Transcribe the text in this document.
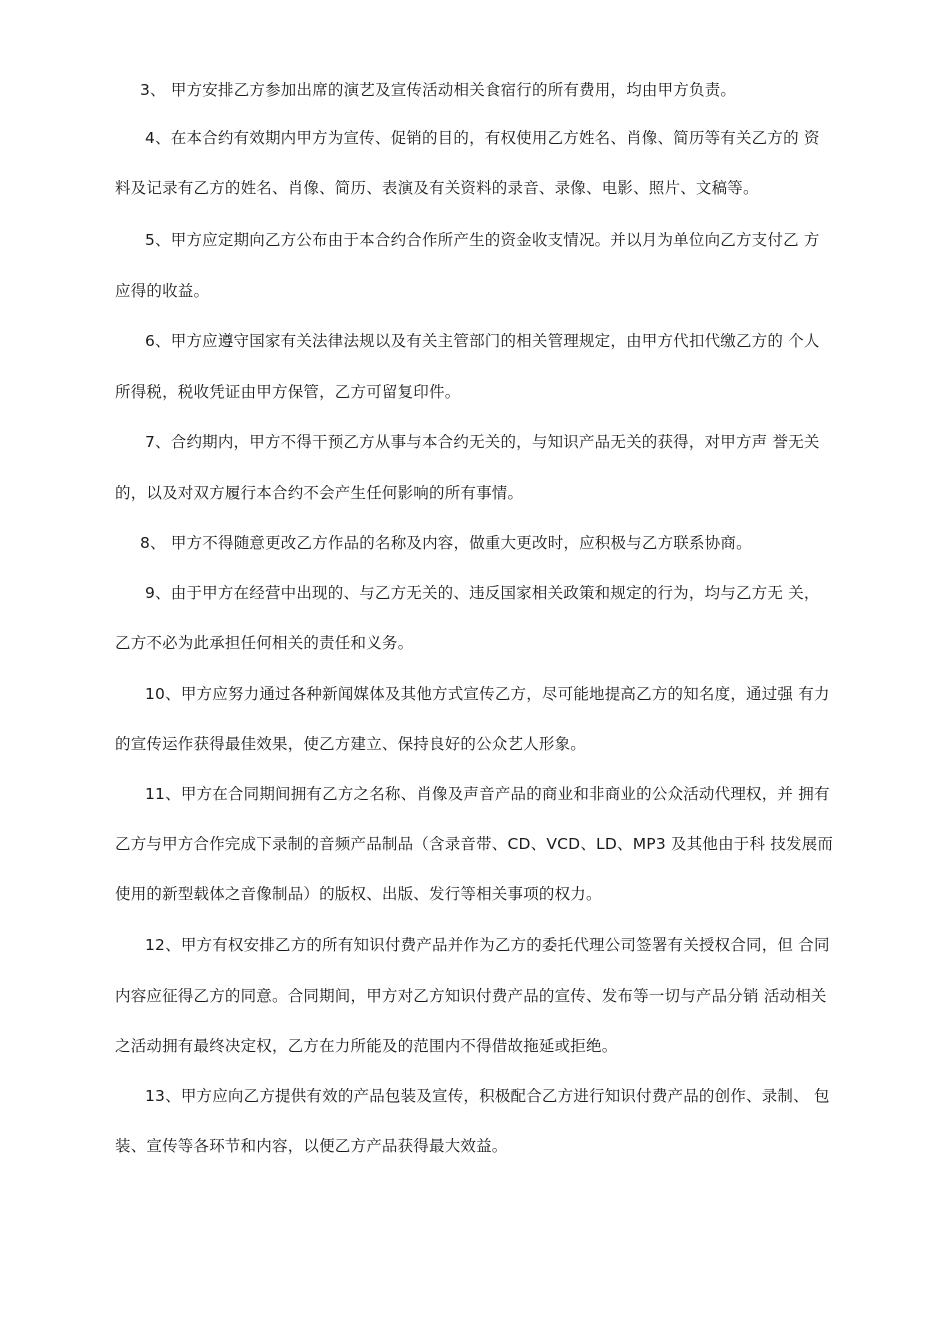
3、 甲方安排乙方参加出席的演艺及宣传活动相关食宿行的所有费用，均由甲方负责。
4、在本合约有效期内甲方为宣传、促销的目的，有权使用乙方姓名、肖像、简历等有关乙方的 资
料及记录有乙方的姓名、肖像、简历、表演及有关资料的录音、录像、电影、照片、文稿等。
5、甲方应定期向乙方公布由于本合约合作所产生的资金收支情况。并以月为单位向乙方支付乙 方
应得的收益。
6、甲方应遵守国家有关法律法规以及有关主管部门的相关管理规定，由甲方代扣代缴乙方的 个人
所得税，税收凭证由甲方保管，乙方可留复印件。
7、合约期内，甲方不得干预乙方从事与本合约无关的，与知识产品无关的获得，对甲方声 誉无关
的，以及对双方履行本合约不会产生任何影响的所有事情。
8、 甲方不得随意更改乙方作品的名称及内容，做重大更改时，应积极与乙方联系协商。
9、由于甲方在经营中出现的、与乙方无关的、违反国家相关政策和规定的行为，均与乙方无 关，
乙方不必为此承担任何相关的责任和义务。
10、甲方应努力通过各种新闻媒体及其他方式宣传乙方，尽可能地提高乙方的知名度，通过强 有力
的宣传运作获得最佳效果，使乙方建立、保持良好的公众艺人形象。
11、甲方在合同期间拥有乙方之名称、肖像及声音产品的商业和非商业的公众活动代理权，并 拥有
乙方与甲方合作完成下录制的音频产品制品（含录音带、CD、VCD、LD、MP3 及其他由于科 技发展而
使用的新型载体之音像制品）的版权、出版、发行等相关事项的权力。
12、甲方有权安排乙方的所有知识付费产品并作为乙方的委托代理公司签署有关授权合同，但 合同
内容应征得乙方的同意。合同期间，甲方对乙方知识付费产品的宣传、发布等一切与产品分销 活动相关
之活动拥有最终决定权，乙方在力所能及的范围内不得借故拖延或拒绝。
13、甲方应向乙方提供有效的产品包装及宣传，积极配合乙方进行知识付费产品的创作、录制、 包
装、宣传等各环节和内容，以便乙方产品获得最大效益。
